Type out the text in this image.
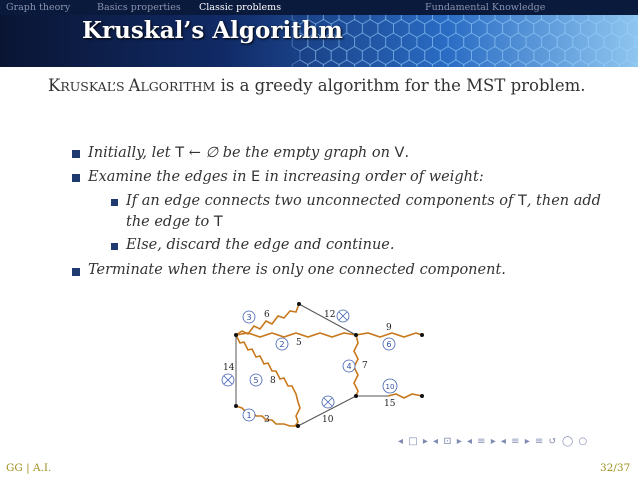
Graph theory	Basics properties Classic problems	Fundamental Knowledge
Kruskal’s Algorithm
KRUSKAL’S ALGORITHM is a greedy algorithm for the MST problem.
Initially, let T ← ∅ be the empty graph on V.
Examine the edges in E in increasing order of weight:
If an edge connects two unconnected components of T, then add
the edge to T
Else, discard the edge and continue.
Terminate when there is only one connected component.
6	12
9
5
14
8
7
3	10
15
3
2	6
4
5
1
10
◂ □ ▸ ◂ ⊡ ▸ ◂ ≡ ▸ ◂ ≡ ▸ ≡ ↺ ◯ ○
GG | A.I.	32/37
